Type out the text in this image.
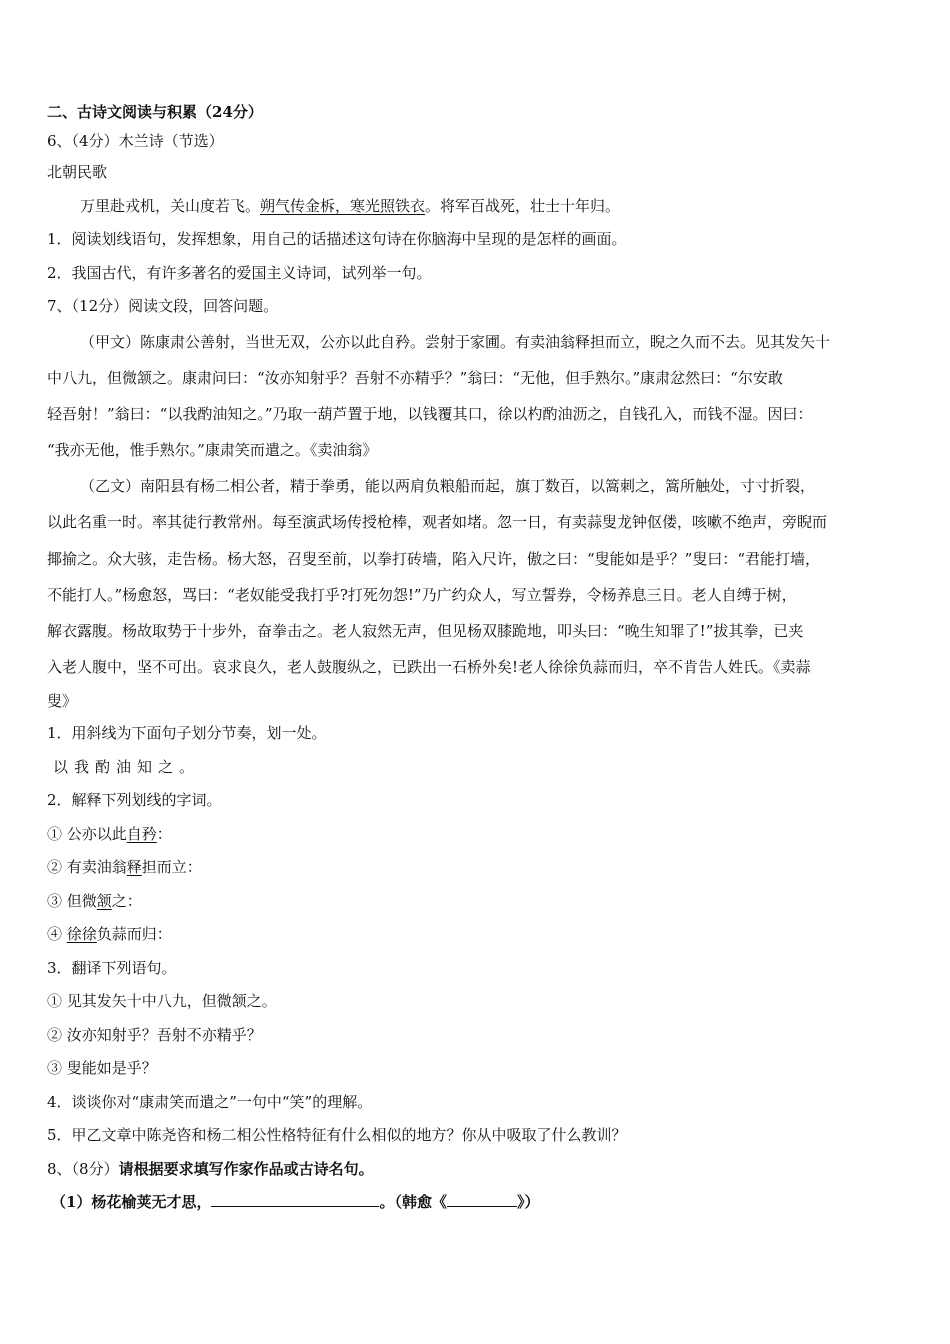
二、古诗文阅读与积累（24分）
6、（4分）木兰诗（节选）
北朝民歌
万里赴戎机，关山度若飞。朔气传金柝，寒光照铁衣。将军百战死，壮士十年归。
1．阅读划线语句，发挥想象，用自己的话描述这句诗在你脑海中呈现的是怎样的画面。
2．我国古代，有许多著名的爱国主义诗词，试列举一句。
7、（12分）阅读文段，回答问题。
（甲文）陈康肃公善射，当世无双，公亦以此自矜。尝射于家圃。有卖油翁释担而立，睨之久而不去。见其发矢十
中八九，但微颔之。康肃问曰：“汝亦知射乎？吾射不亦精乎？”翁曰：“无他，但手熟尔。”康肃忿然曰：“尔安敢
轻吾射！”翁曰：“以我酌油知之。”乃取一葫芦置于地，以钱覆其口，徐以杓酌油沥之，自钱孔入，而钱不湿。因曰：
“我亦无他，惟手熟尔。”康肃笑而遣之。《卖油翁》
（乙文）南阳县有杨二相公者，精于拳勇，能以两肩负粮船而起，旗丁数百，以篙刺之，篙所触处，寸寸折裂，
以此名重一时。率其徒行教常州。每至演武场传授枪棒，观者如堵。忽一日，有卖蒜叟龙钟伛偻，咳嗽不绝声，旁睨而
揶揄之。众大骇，走告杨。杨大怒，召叟至前，以拳打砖墙，陷入尺许，傲之曰：“叟能如是乎？”叟曰：“君能打墙，
不能打人。”杨愈怒，骂曰：“老奴能受我打乎?打死勿怨!”乃广约众人，写立誓券，令杨养息三日。老人自缚于树，
解衣露腹。杨故取势于十步外，奋拳击之。老人寂然无声，但见杨双膝跪地，叩头曰：“晚生知罪了!”拔其拳，已夹
入老人腹中，坚不可出。哀求良久，老人鼓腹纵之，已跌出一石桥外矣!老人徐徐负蒜而归，卒不肯告人姓氏。《卖蒜
叟》
1．用斜线为下面句子划分节奏，划一处。
以我酌油知之。
2．解释下列划线的字词。
① 公亦以此自矜：
② 有卖油翁释担而立：
③ 但微颔之：
④ 徐徐负蒜而归：
3．翻译下列语句。
① 见其发矢十中八九，但微颔之。
② 汝亦知射乎？吾射不亦精乎？
③ 叟能如是乎？
4．谈谈你对“康肃笑而遣之”一句中“笑”的理解。
5．甲乙文章中陈尧咨和杨二相公性格特征有什么相似的地方？你从中吸取了什么教训？
8、（8分）请根据要求填写作家作品或古诗名句。
（1）杨花榆荚无才思，	。（韩愈《	》）
